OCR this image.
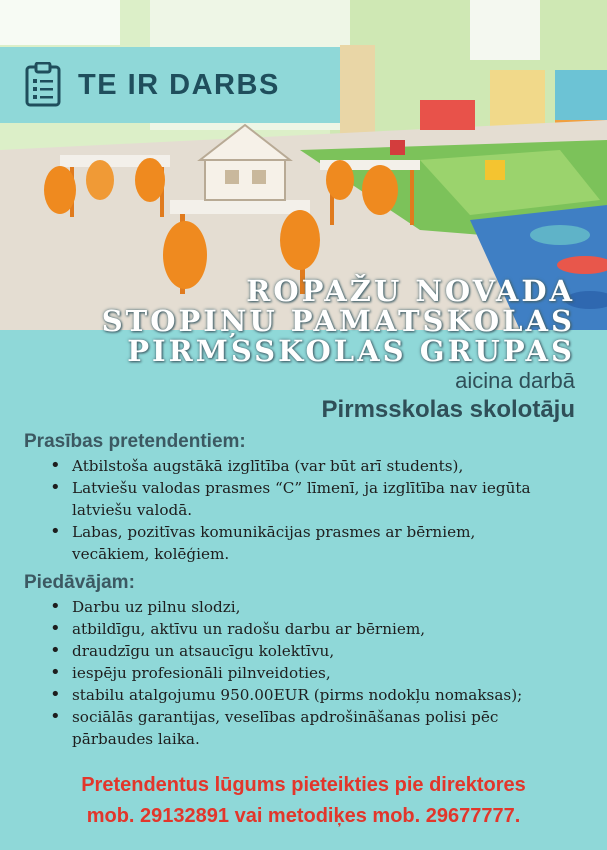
TE IR DARBS
ROPAŽU NOVADA
STOPIŅU PAMATSKOLAS
PIRMSSKOLAS GRUPAS
aicina darbā
Pirmsskolas skolotāju
Prasības pretendentiem:
• Atbilstoša augstākā izglītība (var būt arī students),
• Latviešu valodas prasmes “C” līmenī, ja izglītība nav iegūta latviešu valodā.
• Labas, pozitīvas komunikācijas prasmes ar bērniem, vecākiem, kolēģiem.
Piedāvājam:
• Darbu uz pilnu slodzi,
• atbildīgu, aktīvu un radošu darbu ar bērniem,
• draudzīgu un atsaucīgu kolektīvu,
• iespēju profesionāli pilnveidoties,
• stabilu atalgojumu 950.00EUR (pirms nodokļu nomaksas);
• sociālās garantijas, veselības apdrošināšanas polisi pēc pārbaudes laika.
Pretendentus lūgums pieteikties pie direktores
mob. 29132891 vai metodiķes mob. 29677777.
